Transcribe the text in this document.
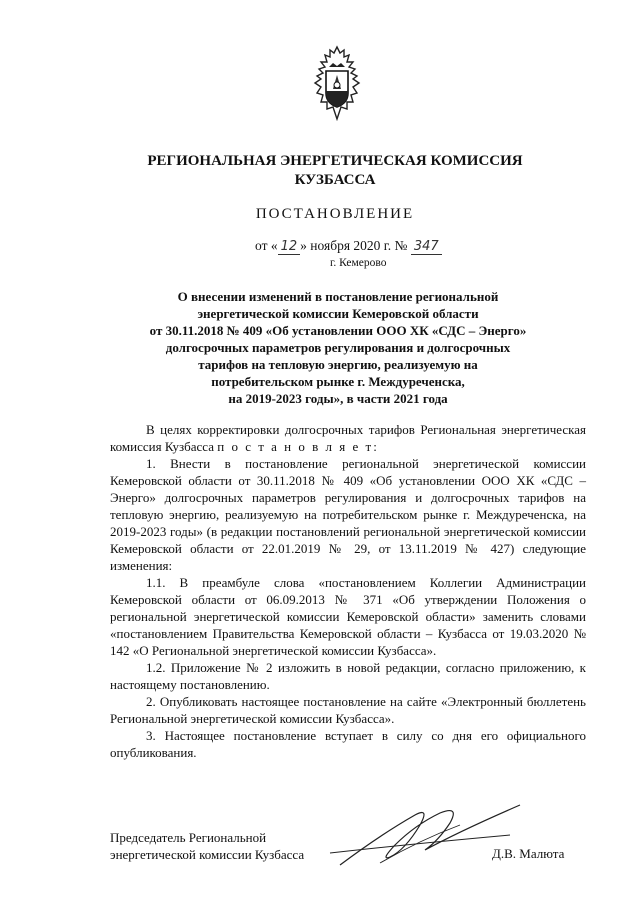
РЕГИОНАЛЬНАЯ ЭНЕРГЕТИЧЕСКАЯ КОМИССИЯ
КУЗБАССА
ПОСТАНОВЛЕНИЕ
от « 12 » ноября 2020 г. № 347
г. Кемерово
О внесении изменений в постановление региональной
энергетической комиссии Кемеровской области
от 30.11.2018 № 409 «Об установлении ООО ХК «СДС – Энерго»
долгосрочных параметров регулирования и долгосрочных
тарифов на тепловую энергию, реализуемую на
потребительском рынке г. Междуреченска,
на 2019-2023 годы», в части 2021 года

В целях корректировки долгосрочных тарифов Региональная энергетическая комиссия Кузбасса п о с т а н о в л я е т:

1. Внести в постановление региональной энергетической комиссии Кемеровской области от 30.11.2018 № 409 «Об установлении ООО ХК «СДС – Энерго» долгосрочных параметров регулирования и долгосрочных тарифов на тепловую энергию, реализуемую на потребительском рынке г. Междуреченска, на 2019-2023 годы» (в редакции постановлений региональной энергетической комиссии Кемеровской области от 22.01.2019 № 29, от 13.11.2019 № 427) следующие изменения:

1.1. В преамбуле слова «постановлением Коллегии Администрации Кемеровской области от 06.09.2013 № 371 «Об утверждении Положения о региональной энергетической комиссии Кемеровской области» заменить словами «постановлением Правительства Кемеровской области – Кузбасса от 19.03.2020 № 142 «О Региональной энергетической комиссии Кузбасса».

1.2. Приложение № 2 изложить в новой редакции, согласно приложению, к настоящему постановлению.

2. Опубликовать настоящее постановление на сайте «Электронный бюллетень Региональной энергетической комиссии Кузбасса».

3. Настоящее постановление вступает в силу со дня его официального опубликования.

Председатель Региональной
энергетической комиссии Кузбасса	Д.В. Малюта
